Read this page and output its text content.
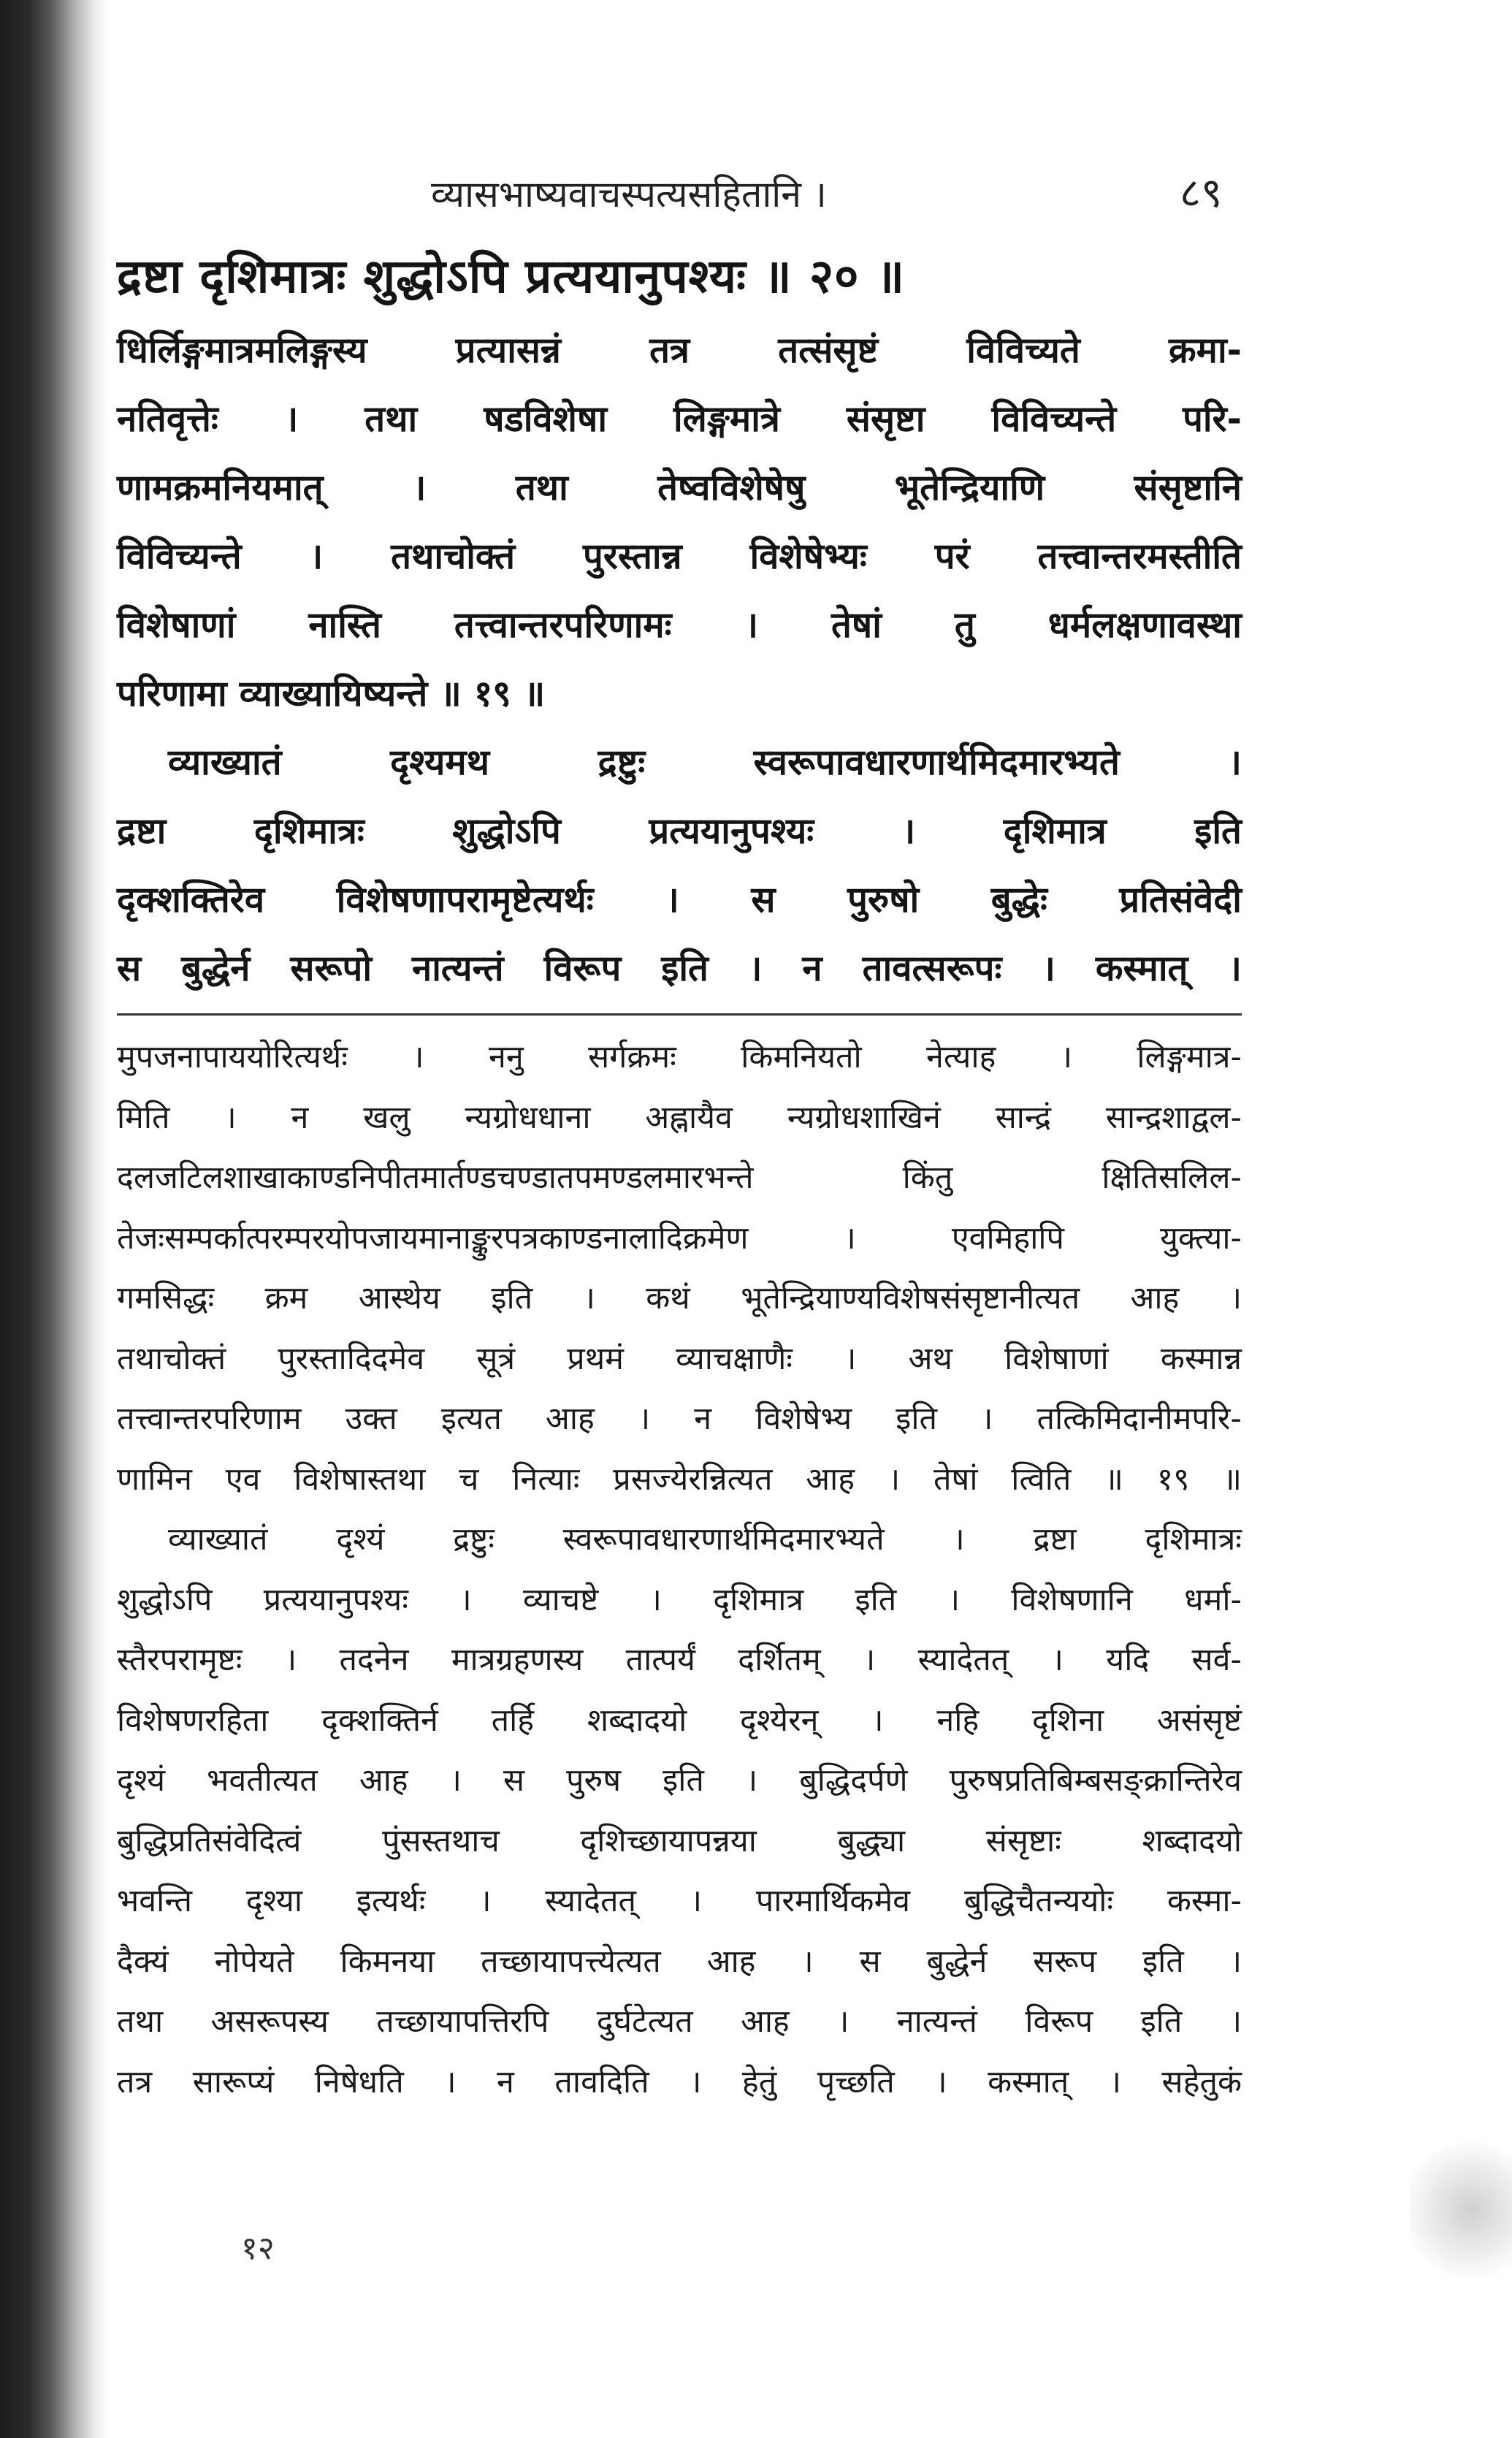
व्यासभाष्यवाचस्पत्यसहितानि ।	८९
द्रष्टा दृशिमात्रः शुद्धोऽपि प्रत्ययानुपश्यः ॥ २० ॥

धिर्लिङ्गमात्रमलिङ्गस्य प्रत्यासन्नं तत्र तत्संसृष्टं विविच्यते क्रमा-

नतिवृत्तेः । तथा षडविशेषा लिङ्गमात्रे संसृष्टा विविच्यन्ते परि-

णामक्रमनियमात् । तथा तेष्वविशेषेषु भूतेन्द्रियाणि संसृष्टानि

विविच्यन्ते । तथाचोक्तं पुरस्तान्न विशेषेभ्यः परं तत्त्वान्तरमस्तीति

विशेषाणां नास्ति तत्त्वान्तरपरिणामः । तेषां तु धर्मलक्षणावस्था

परिणामा व्याख्यायिष्यन्ते ॥ १९ ॥

व्याख्यातं दृश्यमथ द्रष्टुः स्वरूपावधारणार्थमिदमारभ्यते ।

द्रष्टा दृशिमात्रः शुद्धोऽपि प्रत्ययानुपश्यः । दृशिमात्र इति

दृक्शक्तिरेव विशेषणापरामृष्टेत्यर्थः । स पुरुषो बुद्धेः प्रतिसंवेदी

स बुद्धेर्न सरूपो नात्यन्तं विरूप इति । न तावत्सरूपः । कस्मात् ।

मुपजनापाययोरित्यर्थः । ननु सर्गक्रमः किमनियतो नेत्याह । लिङ्गमात्र-

मिति । न खलु न्यग्रोधधाना अह्नायैव न्यग्रोधशाखिनं सान्द्रं सान्द्रशाद्वल-

दलजटिलशाखाकाण्डनिपीतमार्तण्डचण्डातपमण्डलमारभन्ते किंतु क्षितिसलिल-

तेजःसम्पर्कात्परम्परयोपजायमानाङ्कुरपत्रकाण्डनालादिक्रमेण । एवमिहापि युक्त्या-

गमसिद्धः क्रम आस्थेय इति । कथं भूतेन्द्रियाण्यविशेषसंसृष्टानीत्यत आह ।

तथाचोक्तं पुरस्तादिदमेव सूत्रं प्रथमं व्याचक्षाणैः । अथ विशेषाणां कस्मान्न

तत्त्वान्तरपरिणाम उक्त इत्यत आह । न विशेषेभ्य इति । तत्किमिदानीमपरि-

णामिन एव विशेषास्तथा च नित्याः प्रसज्येरन्नित्यत आह । तेषां त्विति ॥ १९ ॥

व्याख्यातं दृश्यं द्रष्टुः स्वरूपावधारणार्थमिदमारभ्यते । द्रष्टा दृशिमात्रः

शुद्धोऽपि प्रत्ययानुपश्यः । व्याचष्टे । दृशिमात्र इति । विशेषणानि धर्मा-

स्तैरपरामृष्टः । तदनेन मात्रग्रहणस्य तात्पर्यं दर्शितम् । स्यादेतत् । यदि सर्व-

विशेषणरहिता दृक्शक्तिर्न तर्हि शब्दादयो दृश्येरन् । नहि दृशिना असंसृष्टं

दृश्यं भवतीत्यत आह । स पुरुष इति । बुद्धिदर्पणे पुरुषप्रतिबिम्बसङ्क्रान्तिरेव

बुद्धिप्रतिसंवेदित्वं पुंसस्तथाच दृशिच्छायापन्नया बुद्ध्या संसृष्टाः शब्दादयो

भवन्ति दृश्या इत्यर्थः । स्यादेतत् । पारमार्थिकमेव बुद्धिचैतन्ययोः कस्मा-

दैक्यं नोपेयते किमनया तच्छायापत्त्येत्यत आह । स बुद्धेर्न सरूप इति ।

तथा असरूपस्य तच्छायापत्तिरपि दुर्घटेत्यत आह । नात्यन्तं विरूप इति ।

तत्र सारूप्यं निषेधति । न तावदिति । हेतुं पृच्छति । कस्मात् । सहेतुकं

१२
